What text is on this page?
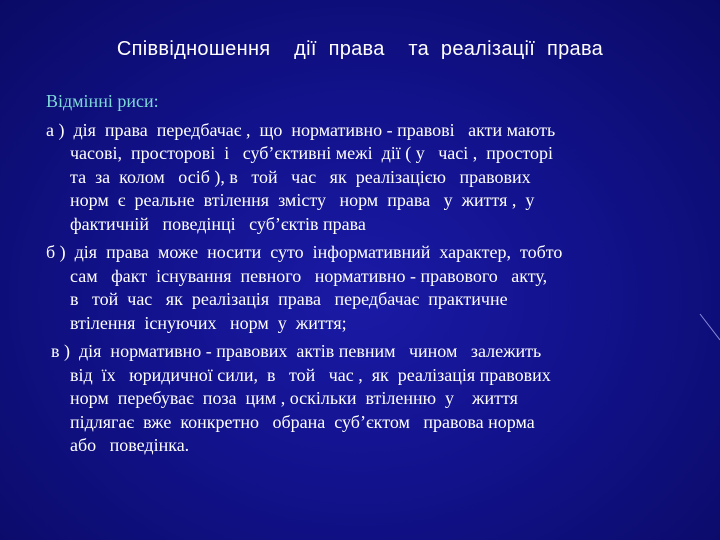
Співвідношення  дії права  та реалізації права
Відмінні риси:
а )  дія  права  передбачає ,  що  нормативно - правові   акти мають
часові,  просторові  і   суб’єктивні межі  дії ( у   часі ,  просторі
та  за  колом   осіб ), в   той   час   як  реалізацією   правових
норм  є  реальне  втілення  змісту   норм  права   у  життя ,  у
фактичній   поведінці   суб’єктів права
б )  дія  права  може  носити  суто  інформативний  характер,  тобто
сам   факт  існування  певного   нормативно - правового   акту,
в   той  час   як  реалізація  права   передбачає  практичне
втілення  існуючих   норм  у  життя;
в )  дія  нормативно - правових  актів певним   чином   залежить
від  їх   юридичної сили,  в   той   час ,  як  реалізація правових
норм  перебуває  поза  цим , оскільки  втіленню  у    життя
підлягає  вже  конкретно   обрана  суб’єктом   правова норма
або   поведінка.
